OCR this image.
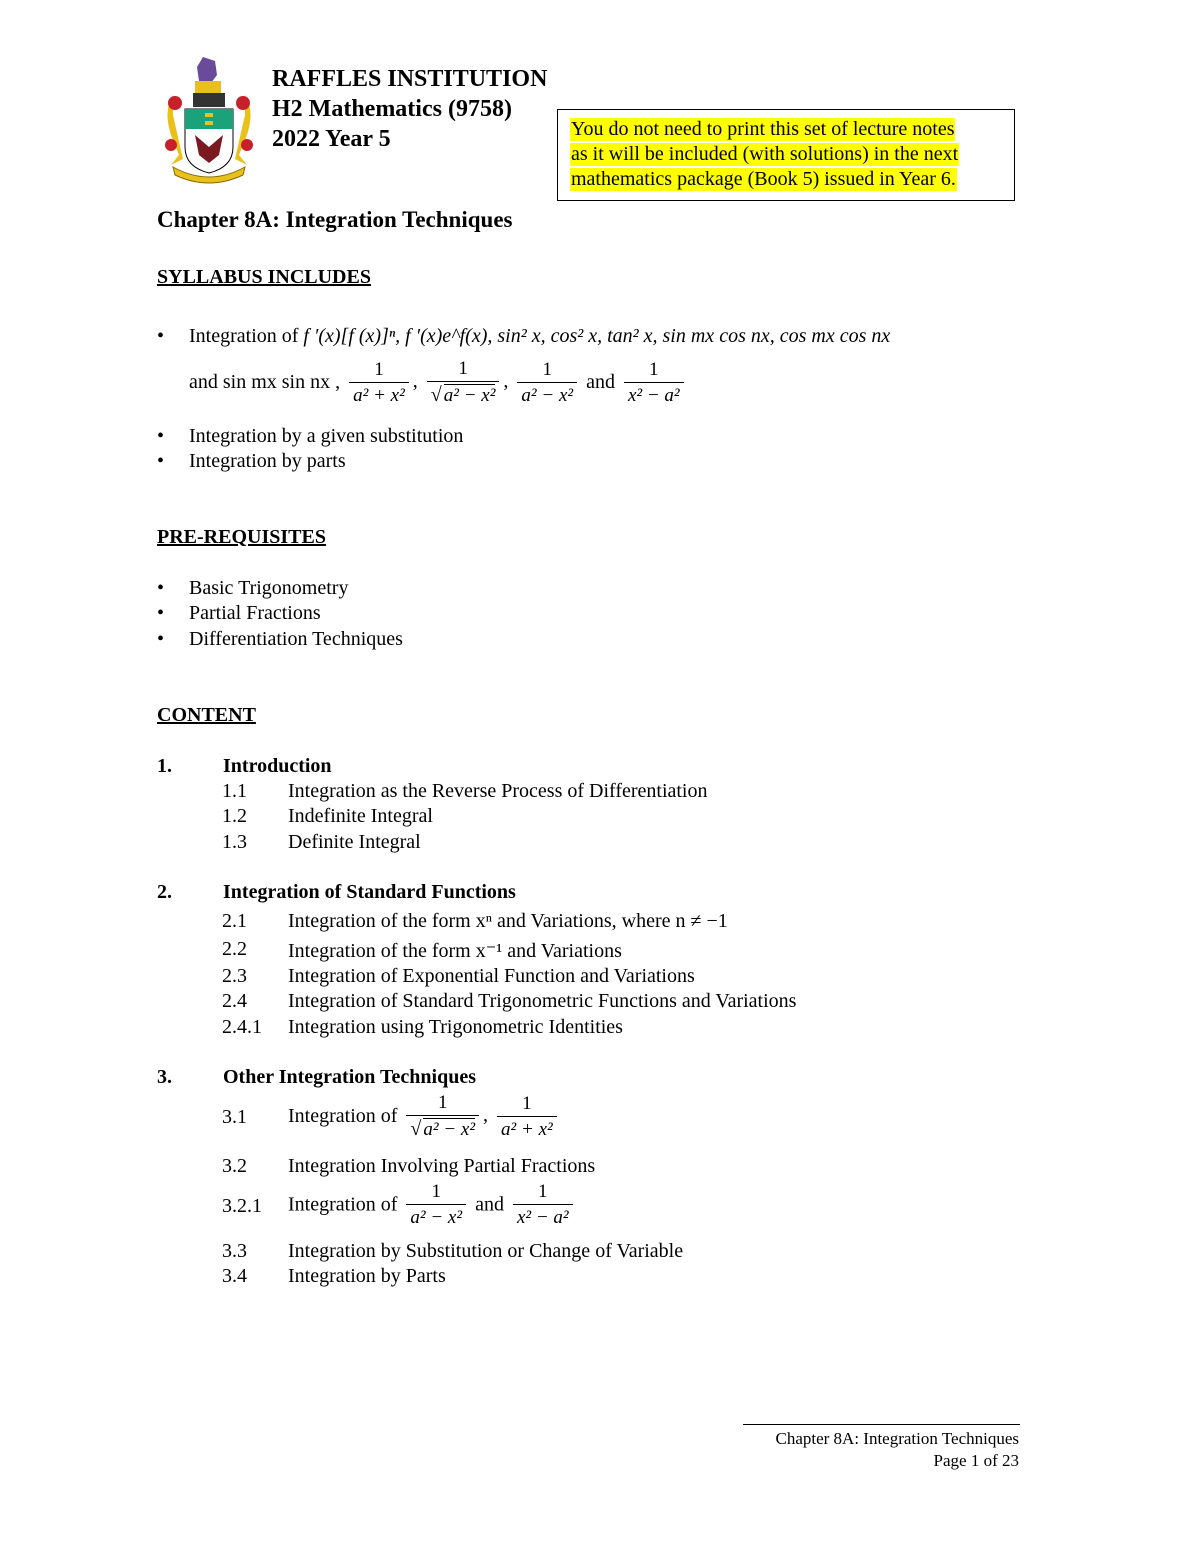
RAFFLES INSTITUTION
H2 Mathematics (9758)
2022 Year 5	You do not need to print this set of lecture notes
as it will be included (with solutions) in the next
mathematics package (Book 5) issued in Year 6.
Chapter 8A: Integration Techniques
SYLLABUS INCLUDES
• Integration of f ′(x)[f (x)]ⁿ, f ′(x)e^f(x), sin² x, cos² x, tan² x, sin mx cos nx, cos mx cos nx
and sin mx sin nx , $\frac{1}{\text{a² + x²}}$ , $\frac{1}{\text{√ a² − x²}}$ , $\frac{1}{\text{a² − x²}}$ and $\frac{1}{\text{x² − a²}}$
• Integration by a given substitution
• Integration by parts
PRE-REQUISITES
• Basic Trigonometry
• Partial Fractions
• Differentiation Techniques
CONTENT
1.	Introduction
1.1 Integration as the Reverse Process of Differentiation
1.2 Indefinite Integral
1.3 Definite Integral
2.	Integration of Standard Functions
2.1 Integration of the form xⁿ and Variations, where n ≠ −1
2.2 Integration of the form x⁻¹ and Variations
2.3 Integration of Exponential Function and Variations
2.4 Integration of Standard Trigonometric Functions and Variations
2.4.1 Integration using Trigonometric Identities
3.	Other Integration Techniques
3.1 Integration of $\frac{1}{\text{√ a² − x²}}$ , $\frac{1}{\text{a² + x²}}$
3.2 Integration Involving Partial Fractions
3.2.1 Integration of $\frac{1}{\text{a² − x²}}$ and $\frac{1}{\text{x² − a²}}$
3.3 Integration by Substitution or Change of Variable
3.4 Integration by Parts
Chapter 8A: Integration Techniques
Page 1 of 23
